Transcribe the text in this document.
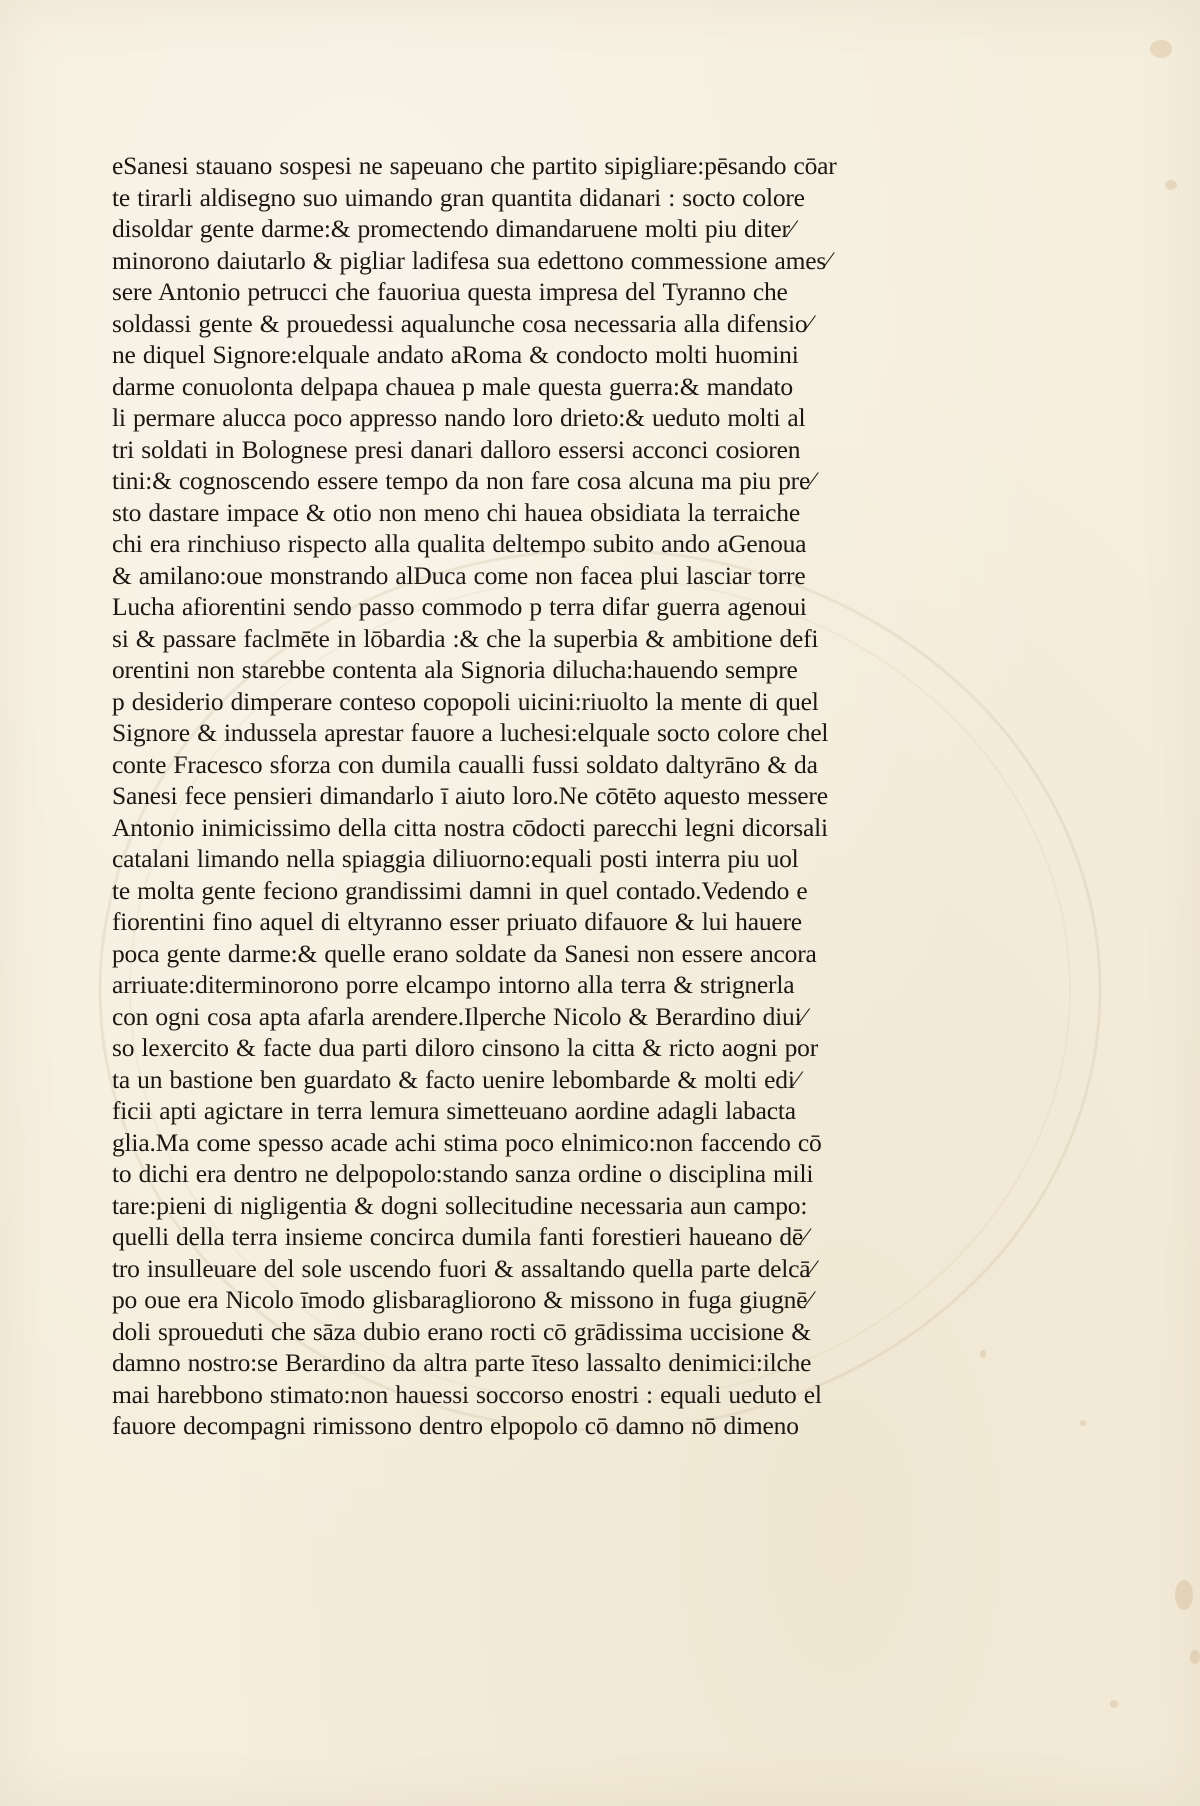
eSanesi stauano sospesi ne sapeuano che partito sipigliare:pēsando cōar
te tirarli aldisegno suo uimando gran quantita didanari : socto colore
disoldar gente darme:& promectendo dimandaruene molti piu diter⁄
minorono daiutarlo & pigliar ladifesa sua edettono commessione ames⁄
sere Antonio petrucci che fauoriua questa impresa del Tyranno che
soldassi gente & prouedessi aqualunche cosa necessaria alla difensio⁄
ne diquel Signore:elquale andato aRoma & condocto molti huomini
darme conuolonta delpapa chauea p male questa guerra:& mandato
li permare alucca poco appresso nando loro drieto:& ueduto molti al
tri soldati in Bolognese presi danari dalloro essersi acconci cosioren
tini:& cognoscendo essere tempo da non fare cosa alcuna ma piu pre⁄
sto dastare impace & otio non meno chi hauea obsidiata la terraiche
chi era rinchiuso rispecto alla qualita deltempo subito ando aGenoua
& amilano:oue monstrando alDuca come non facea plui lasciar torre
Lucha afiorentini sendo passo commodo p terra difar guerra agenoui
si & passare faclmēte in lōbardia :& che la superbia & ambitione defi
orentini non starebbe contenta ala Signoria dilucha:hauendo sempre
p desiderio dimperare conteso copopoli uicini:riuolto la mente di quel
Signore & indussela aprestar fauore a luchesi:elquale socto colore chel
conte Fracesco sforza con dumila caualli fussi soldato daltyrāno & da
Sanesi fece pensieri dimandarlo ī aiuto loro.Ne cōtēto aquesto messere
Antonio inimicissimo della citta nostra cōdocti parecchi legni dicorsali
catalani limando nella spiaggia diliuorno:equali posti interra piu uol
te molta gente feciono grandissimi damni in quel contado.Vedendo e
fiorentini fino aquel di eltyranno esser priuato difauore & lui hauere
poca gente darme:& quelle erano soldate da Sanesi non essere ancora
arriuate:diterminorono porre elcampo intorno alla terra & strignerla
con ogni cosa apta afarla arendere.Ilperche Nicolo & Berardino diui⁄
so lexercito & facte dua parti diloro cinsono la citta & ricto aogni por
ta un bastione ben guardato & facto uenire lebombarde & molti edi⁄
ficii apti agictare in terra lemura simetteuano aordine adagli labacta
glia.Ma come spesso acade achi stima poco elnimico:non faccendo cō
to dichi era dentro ne delpopolo:stando sanza ordine o disciplina mili
tare:pieni di nigligentia & dogni sollecitudine necessaria aun campo:
quelli della terra insieme concirca dumila fanti forestieri haueano dē⁄
tro insulleuare del sole uscendo fuori & assaltando quella parte delcā⁄
po oue era Nicolo īmodo glisbaragliorono & missono in fuga giugnē⁄
doli sproueduti che sāza dubio erano rocti cō grādissima uccisione &
damno nostro:se Berardino da altra parte īteso lassalto denimici:ilche
mai harebbono stimato:non hauessi soccorso enostri : equali ueduto el
fauore decompagni rimissono dentro elpopolo cō damno nō dimeno
